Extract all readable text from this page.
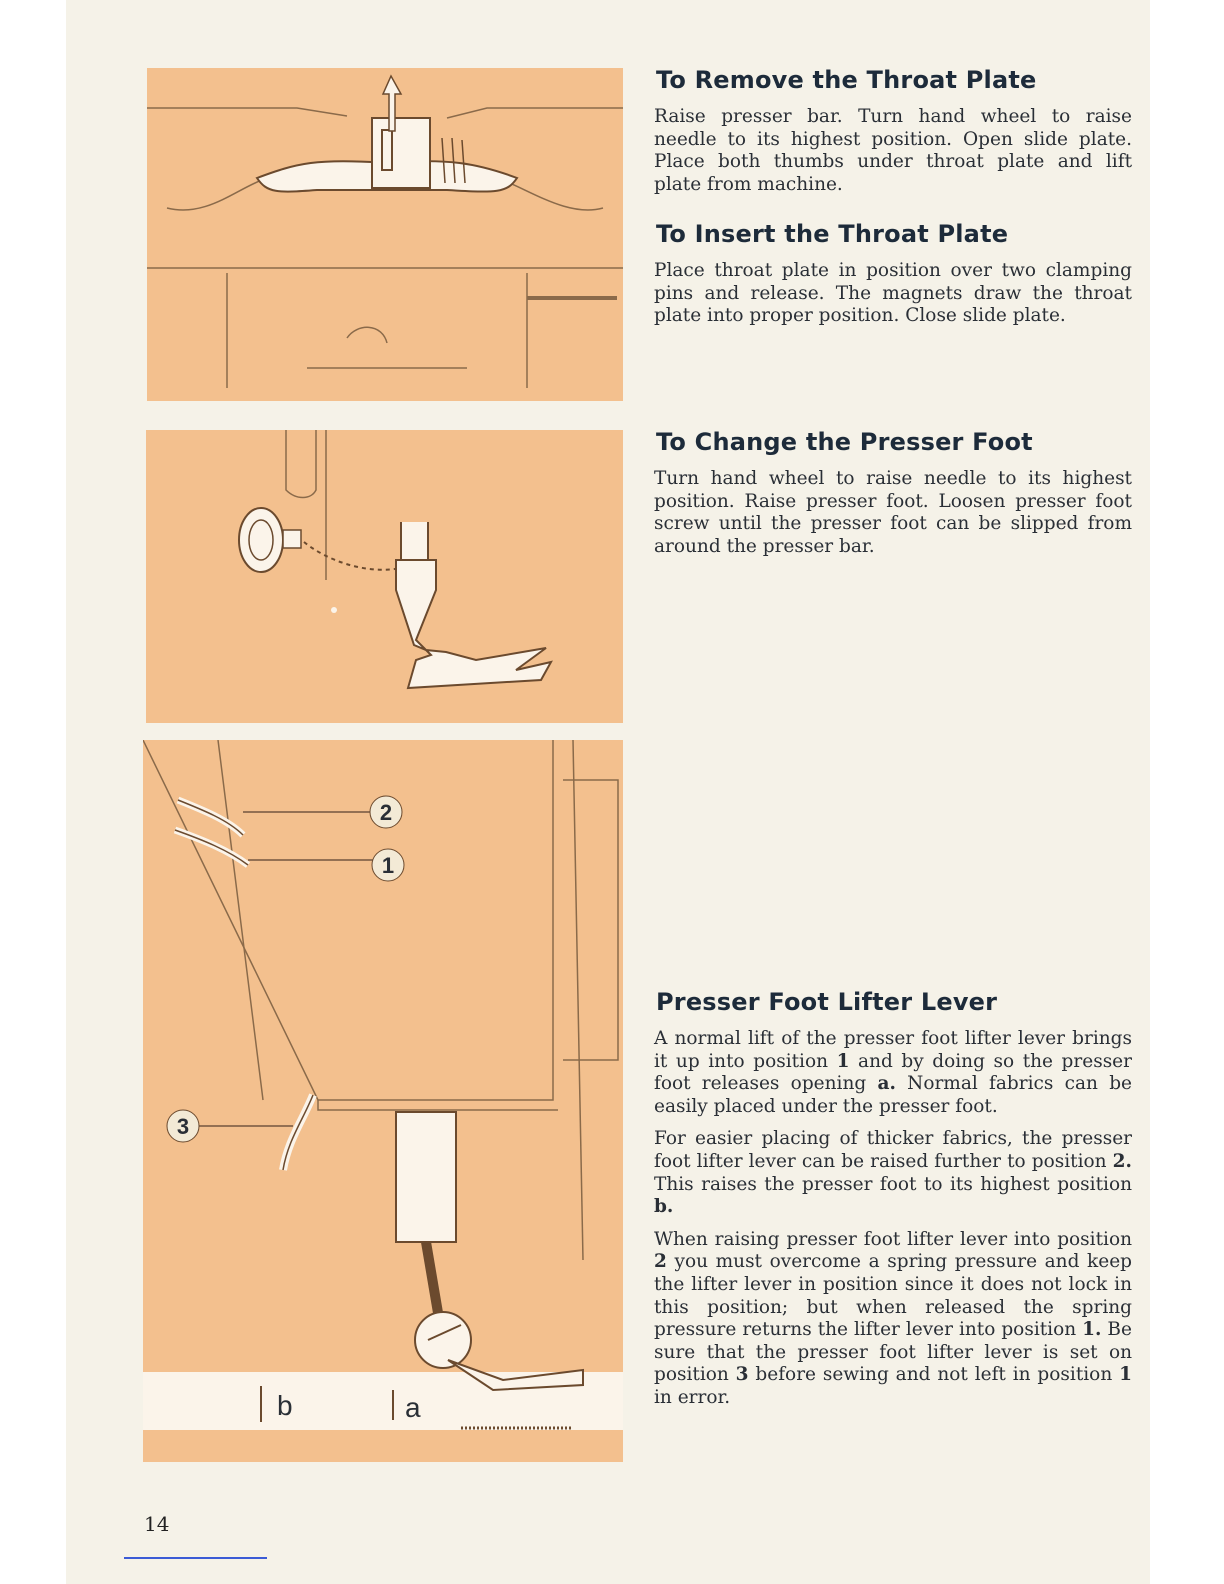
2
1
3
b	a
To Remove the Throat Plate

Raise presser bar. Turn hand wheel to raise needle to its highest position. Open slide plate. Place both thumbs under throat plate and lift plate from machine.

To Insert the Throat Plate

Place throat plate in position over two clamping pins and release. The magnets draw the throat plate into proper position. Close slide plate.

To Change the Presser Foot

Turn hand wheel to raise needle to its highest position. Raise presser foot. Loosen presser foot screw until the presser foot can be slipped from around the presser bar.

Presser Foot Lifter Lever

A normal lift of the presser foot lifter lever brings it up into position 1 and by doing so the presser foot releases opening a. Normal fabrics can be easily placed under the presser foot.

For easier placing of thicker fabrics, the presser foot lifter lever can be raised further to position 2. This raises the presser foot to its highest position b.

When raising presser foot lifter lever into position 2 you must overcome a spring pressure and keep the lifter lever in position since it does not lock in this position; but when released the spring pressure returns the lifter lever into position 1. Be sure that the presser foot lifter lever is set on position 3 before sewing and not left in position 1 in error.

14
